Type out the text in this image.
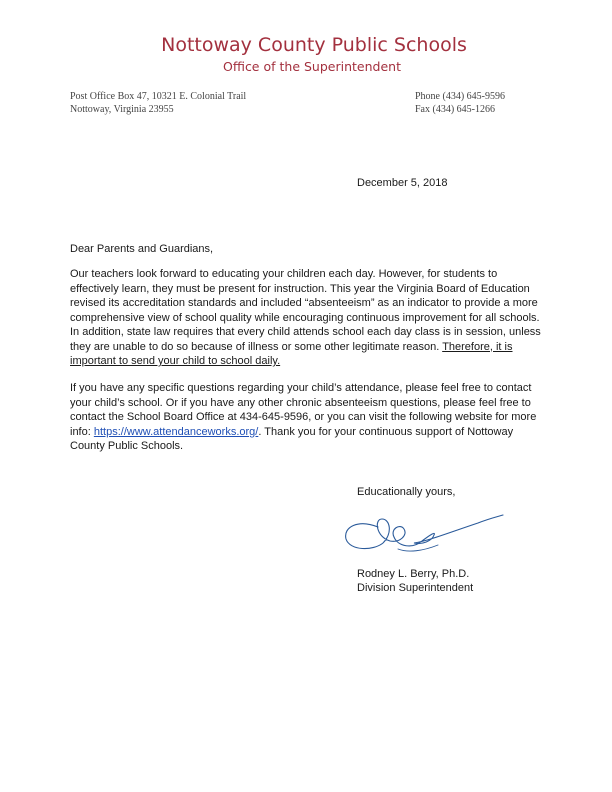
Nottoway County Public Schools
Office of the Superintendent
Post Office Box 47, 10321 E. Colonial Trail
Nottoway, Virginia 23955
Phone (434) 645-9596
Fax (434) 645-1266
December 5, 2018
Dear Parents and Guardians,
Our teachers look forward to educating your children each day. However, for students to effectively learn, they must be present for instruction. This year the Virginia Board of Education revised its accreditation standards and included “absenteeism” as an indicator to provide a more comprehensive view of school quality while encouraging continuous improvement for all schools. In addition, state law requires that every child attends school each day class is in session, unless they are unable to do so because of illness or some other legitimate reason. Therefore, it is important to send your child to school daily.
If you have any specific questions regarding your child’s attendance, please feel free to contact your child’s school. Or if you have any other chronic absenteeism questions, please feel free to contact the School Board Office at 434-645-9596, or you can visit the following website for more info: https://www.attendanceworks.org/. Thank you for your continuous support of Nottoway County Public Schools.
Educationally yours,
Rodney L. Berry, Ph.D.
Division Superintendent
